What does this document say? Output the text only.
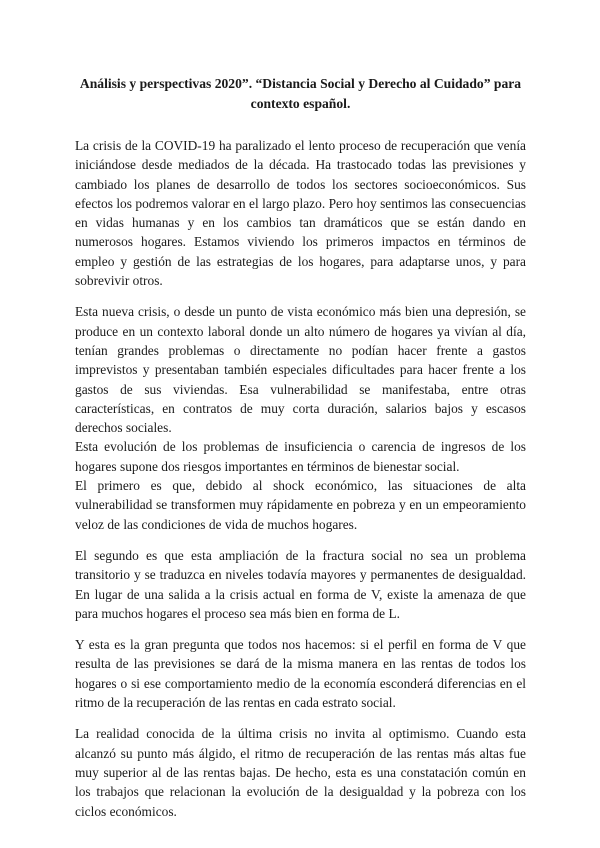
Análisis y perspectivas 2020”. “Distancia Social y Derecho al Cuidado” para
contexto español.

La crisis de la COVID-19 ha paralizado el lento proceso de recuperación que venía iniciándose desde mediados de la década. Ha trastocado todas las previsiones y cambiado los planes de desarrollo de todos los sectores socioeconómicos. Sus efectos los podremos valorar en el largo plazo. Pero hoy sentimos las consecuencias en vidas humanas y en los cambios tan dramáticos que se están dando en numerosos hogares. Estamos viviendo los primeros impactos en términos de empleo y gestión de las estrategias de los hogares, para adaptarse unos, y para sobrevivir otros.

Esta nueva crisis, o desde un punto de vista económico más bien una depresión, se produce en un contexto laboral donde un alto número de hogares ya vivían al día, tenían grandes problemas o directamente no podían hacer frente a gastos imprevistos y presentaban también especiales dificultades para hacer frente a los gastos de sus viviendas. Esa vulnerabilidad se manifestaba, entre otras características, en contratos de muy corta duración, salarios bajos y escasos derechos sociales.

Esta evolución de los problemas de insuficiencia o carencia de ingresos de los hogares supone dos riesgos importantes en términos de bienestar social.

El primero es que, debido al shock económico, las situaciones de alta vulnerabilidad se transformen muy rápidamente en pobreza y en un empeoramiento veloz de las condiciones de vida de muchos hogares.

El segundo es que esta ampliación de la fractura social no sea un problema transitorio y se traduzca en niveles todavía mayores y permanentes de desigualdad. En lugar de una salida a la crisis actual en forma de V, existe la amenaza de que para muchos hogares el proceso sea más bien en forma de L.

Y esta es la gran pregunta que todos nos hacemos: si el perfil en forma de V que resulta de las previsiones se dará de la misma manera en las rentas de todos los hogares o si ese comportamiento medio de la economía esconderá diferencias en el ritmo de la recuperación de las rentas en cada estrato social.

La realidad conocida de la última crisis no invita al optimismo. Cuando esta alcanzó su punto más álgido, el ritmo de recuperación de las rentas más altas fue muy superior al de las rentas bajas. De hecho, esta es una constatación común en los trabajos que relacionan la evolución de la desigualdad y la pobreza con los ciclos económicos.
